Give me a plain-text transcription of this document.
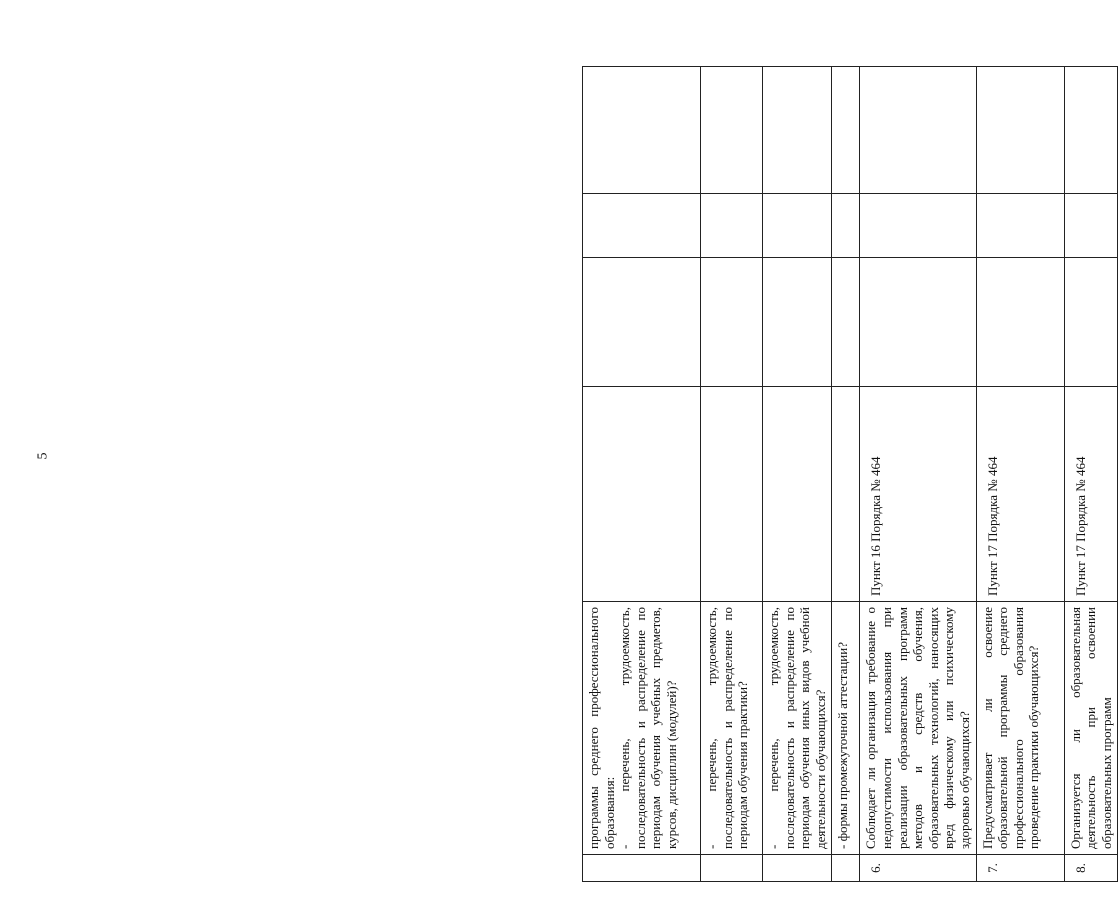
5
	программы среднего профессионального образования:
- перечень, трудоемкость, последовательность и распределение по периодам обучения учебных предметов, курсов, дисциплин (модулей)?				
	- перечень, трудоемкость, последовательность и распределение по периодам обучения практики?				
	- перечень, трудоемкость, последовательность и распределение по периодам обучения иных видов учебной деятельности обучающихся?				
	- формы промежуточной аттестации?				
6.	Соблюдает ли организация требование о недопустимости использования при реализации образовательных программ методов и средств обучения, образовательных технологий, наносящих вред физическому или психическому здоровью обучающихся?	Пункт 16 Порядка № 464			
7.	Предусматривает ли освоение образовательной программы среднего профессионального образования проведение практики обучающихся?	Пункт 17 Порядка № 464			
8.	Организуется ли образовательная деятельность при освоении образовательных программ	Пункт 17 Порядка № 464			
